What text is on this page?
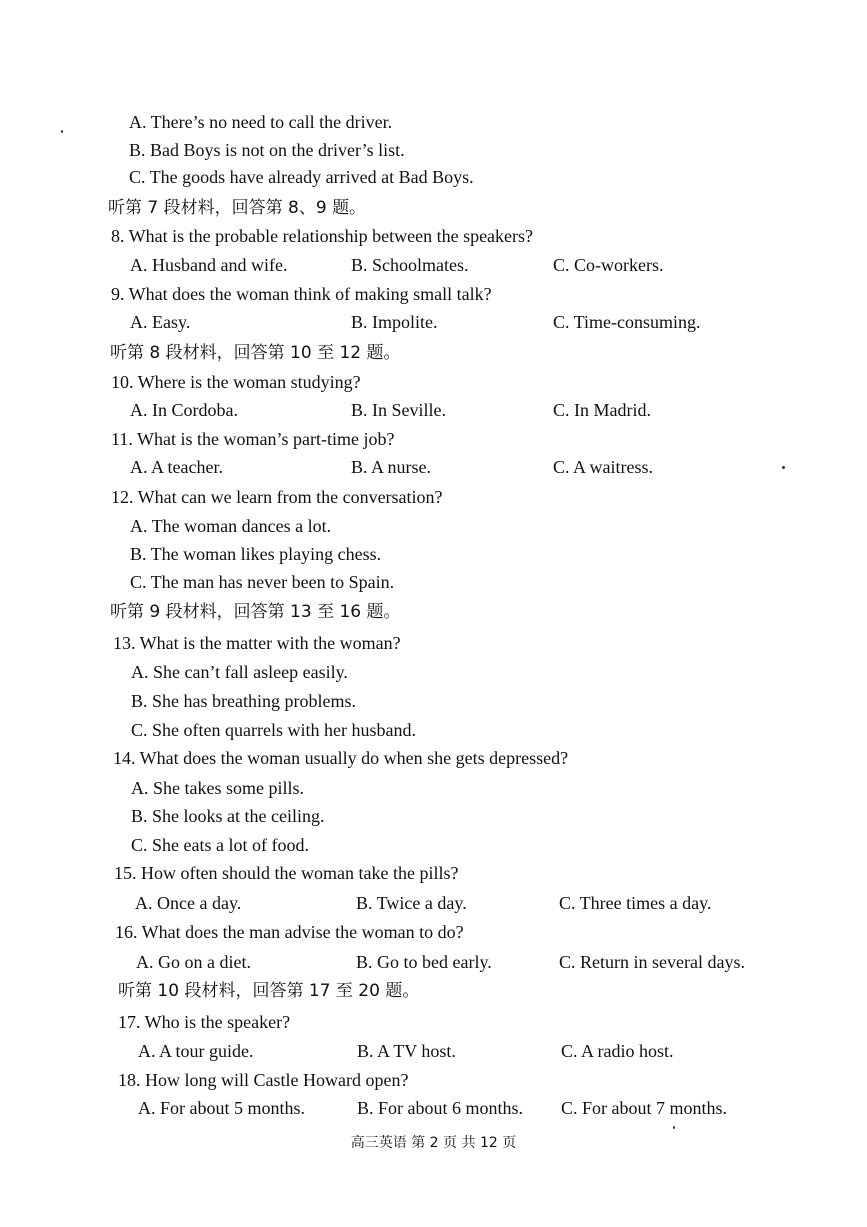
A. There’s no need to call the driver.
B. Bad Boys is not on the driver’s list.
C. The goods have already arrived at Bad Boys.
听第 7 段材料，回答第 8、9 题。
8. What is the probable relationship between the speakers?
A. Husband and wife.	B. Schoolmates.	C. Co-workers.
9. What does the woman think of making small talk?
A. Easy.	B. Impolite.	C. Time-consuming.
听第 8 段材料，回答第 10 至 12 题。
10. Where is the woman studying?
A. In Cordoba.	B. In Seville.	C. In Madrid.
11. What is the woman’s part-time job?
A. A teacher.	B. A nurse.	C. A waitress.
12. What can we learn from the conversation?
A. The woman dances a lot.
B. The woman likes playing chess.
C. The man has never been to Spain.
听第 9 段材料，回答第 13 至 16 题。
13. What is the matter with the woman?
A. She can’t fall asleep easily.
B. She has breathing problems.
C. She often quarrels with her husband.
14. What does the woman usually do when she gets depressed?
A. She takes some pills.
B. She looks at the ceiling.
C. She eats a lot of food.
15. How often should the woman take the pills?
A. Once a day.	B. Twice a day.	C. Three times a day.
16. What does the man advise the woman to do?
A. Go on a diet.	B. Go to bed early.	C. Return in several days.
听第 10 段材料，回答第 17 至 20 题。
17. Who is the speaker?
A. A tour guide.	B. A TV host.	C. A radio host.
18. How long will Castle Howard open?
A. For about 5 months.	B. For about 6 months. C. For about 7 months.
高三英语 第 2 页 共 12 页
